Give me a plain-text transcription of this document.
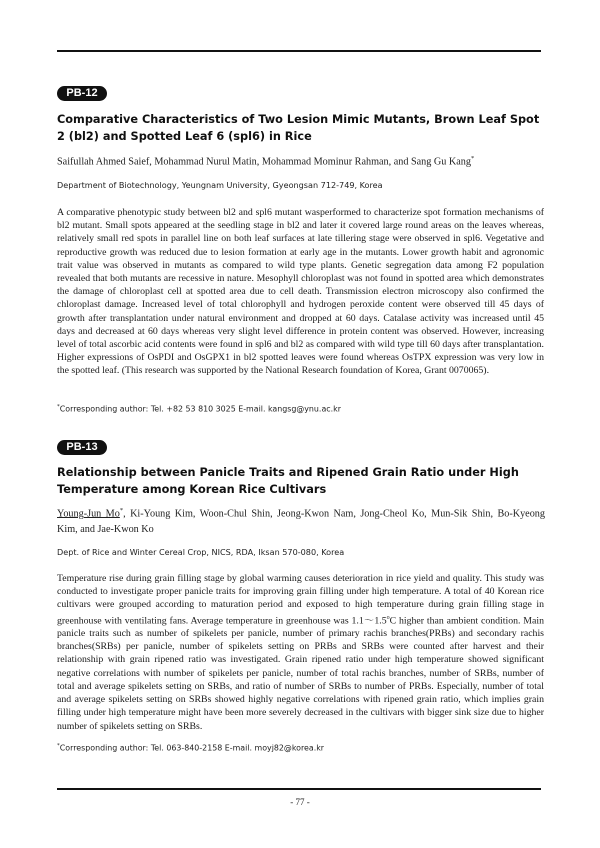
PB-12
Comparative Characteristics of Two Lesion Mimic Mutants, Brown Leaf Spot 2 (bl2) and Spotted Leaf 6 (spl6) in Rice
Saifullah Ahmed Saief, Mohammad Nurul Matin, Mohammad Mominur Rahman, and Sang Gu Kang*
Department of Biotechnology, Yeungnam University, Gyeongsan 712-749, Korea
A comparative phenotypic study between bl2 and spl6 mutant wasperformed to characterize spot formation mechanisms of bl2 mutant. Small spots appeared at the seedling stage in bl2 and later it covered large round areas on the leaves whereas, relatively small red spots in parallel line on both leaf surfaces at late tillering stage were observed in spl6. Vegetative and reproductive growth was reduced due to lesion formation at early age in the mutants. Lower growth habit and agronomic trait value was observed in mutants as compared to wild type plants. Genetic segregation data among F2 population revealed that both mutants are recessive in nature. Mesophyll chloroplast was not found in spotted area which demonstrates the damage of chloroplast cell at spotted area due to cell death. Transmission electron microscopy also confirmed the chloroplast damage. Increased level of total chlorophyll and hydrogen peroxide content were observed till 45 days of growth after transplantation under natural environment and dropped at 60 days. Catalase activity was increased until 45 days and decreased at 60 days whereas very slight level difference in protein content was observed. However, increasing level of total ascorbic acid contents were found in spl6 and bl2 as compared with wild type till 60 days after transplantation. Higher expressions of OsPDI and OsGPX1 in bl2 spotted leaves were found whereas OsTPX expression was very low in the spotted leaf. (This research was supported by the National Research foundation of Korea, Grant 0070065).
*Corresponding author: Tel. +82 53 810 3025 E-mail. kangsg@ynu.ac.kr
PB-13
Relationship between Panicle Traits and Ripened Grain Ratio under High Temperature among Korean Rice Cultivars
Young-Jun Mo*, Ki-Young Kim, Woon-Chul Shin, Jeong-Kwon Nam, Jong-Cheol Ko, Mun-Sik Shin, Bo-Kyeong Kim, and Jae-Kwon Ko
Dept. of Rice and Winter Cereal Crop, NICS, RDA, Iksan 570-080, Korea
Temperature rise during grain filling stage by global warming causes deterioration in rice yield and quality. This study was conducted to investigate proper panicle traits for improving grain filling under high temperature. A total of 40 Korean rice cultivars were grouped according to maturation period and exposed to high temperature during grain filling stage in greenhouse with ventilating fans. Average temperature in greenhouse was 1.1～1.5$^o$C higher than ambient condition. Main panicle traits such as number of spikelets per panicle, number of primary rachis branches(PRBs) and secondary rachis branches(SRBs) per panicle, number of spikelets setting on PRBs and SRBs were counted after harvest and their relationship with grain ripened ratio was investigated. Grain ripened ratio under high temperature showed significant negative correlations with number of spikelets per panicle, number of total rachis branches, number of SRBs, number of total and average spikelets setting on SRBs, and ratio of number of SRBs to number of PRBs. Especially, number of total and average spikelets setting on SRBs showed highly negative correlations with ripened grain ratio, which implies grain filling under high temperature might have been more severely decreased in the cultivars with bigger sink size due to higher number of spikelets setting on SRBs.
*Corresponding author: Tel. 063-840-2158 E-mail. moyj82@korea.kr
- 77 -
